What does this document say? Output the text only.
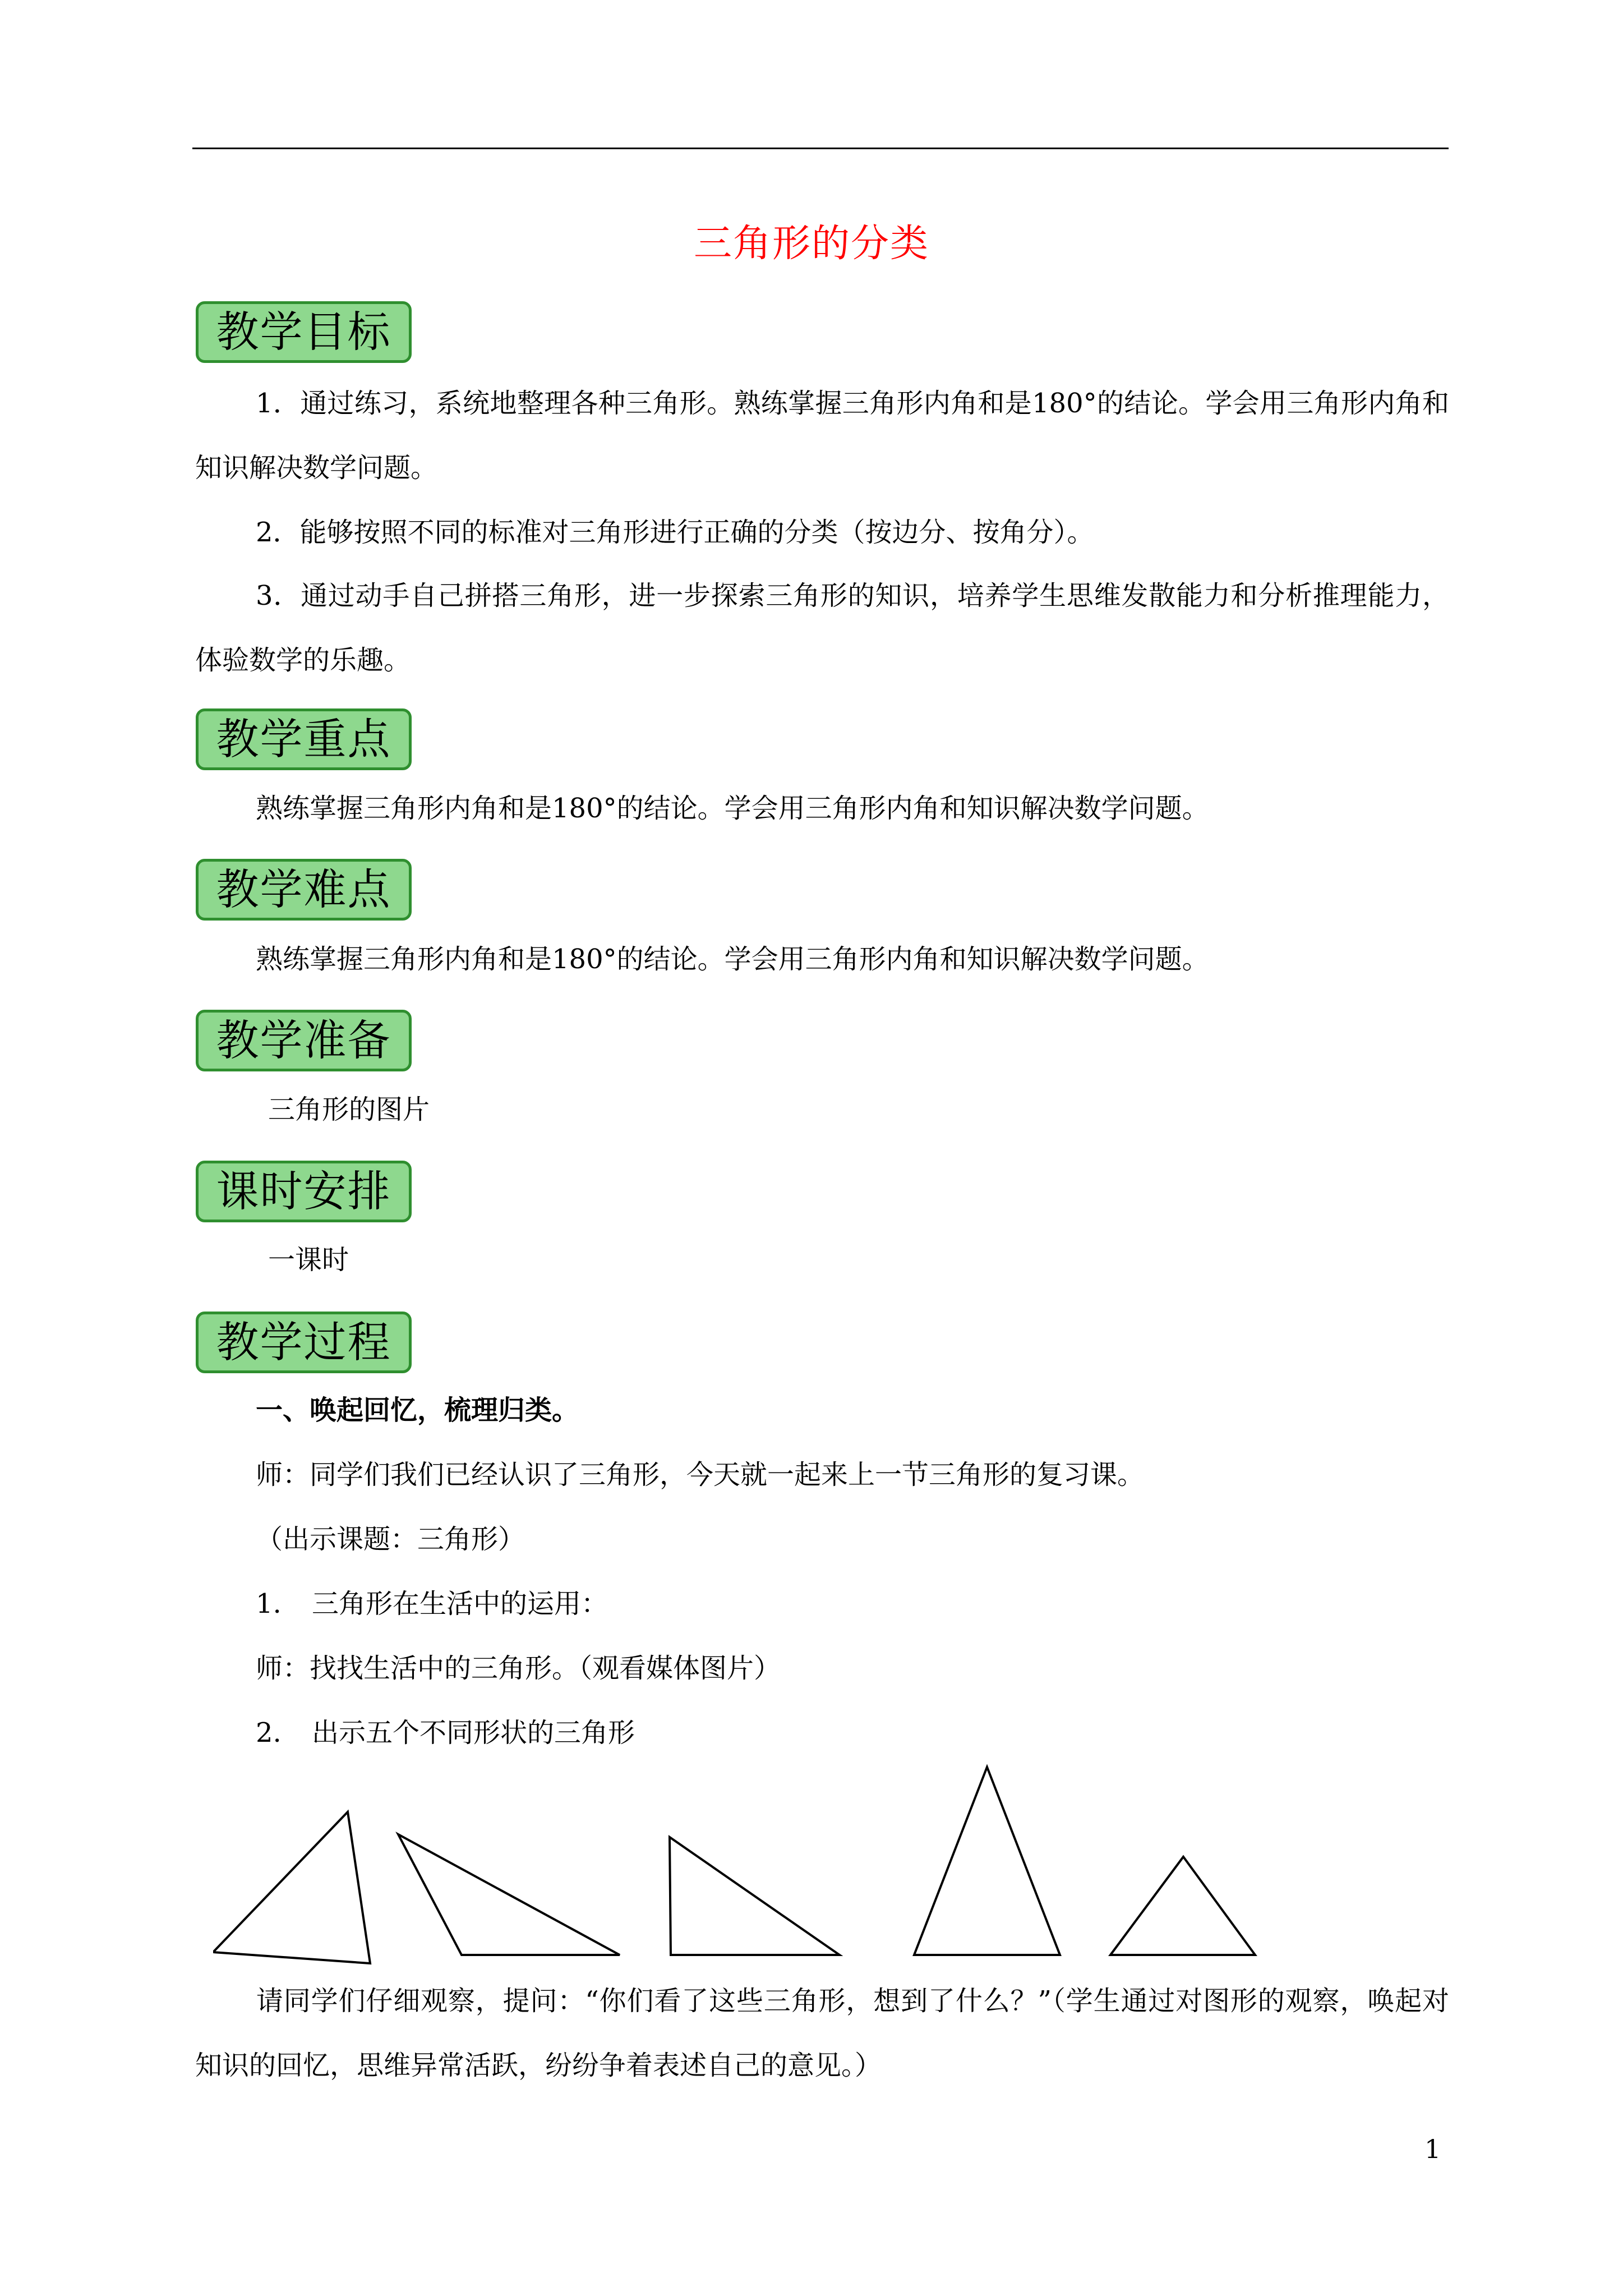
三角形的分类
教学目标
1．通过练习，系统地整理各种三角形。熟练掌握三角形内角和是180°的结论。学会用三角形内角和知识解决数学问题。
2．能够按照不同的标准对三角形进行正确的分类（按边分、按角分）。
3．通过动手自己拼搭三角形，进一步探索三角形的知识，培养学生思维发散能力和分析推理能力，体验数学的乐趣。
教学重点
熟练掌握三角形内角和是180°的结论。学会用三角形内角和知识解决数学问题。
教学难点
熟练掌握三角形内角和是180°的结论。学会用三角形内角和知识解决数学问题。
教学准备
三角形的图片
课时安排
一课时
教学过程
一、唤起回忆，梳理归类。
师：同学们我们已经认识了三角形，今天就一起来上一节三角形的复习课。
（出示课题：三角形）
1. 三角形在生活中的运用：
师：找找生活中的三角形。（观看媒体图片）
2. 出示五个不同形状的三角形
请同学们仔细观察，提问：“你们看了这些三角形，想到了什么？”（学生通过对图形的观察，唤起对知识的回忆，思维异常活跃，纷纷争着表述自己的意见。）
1
